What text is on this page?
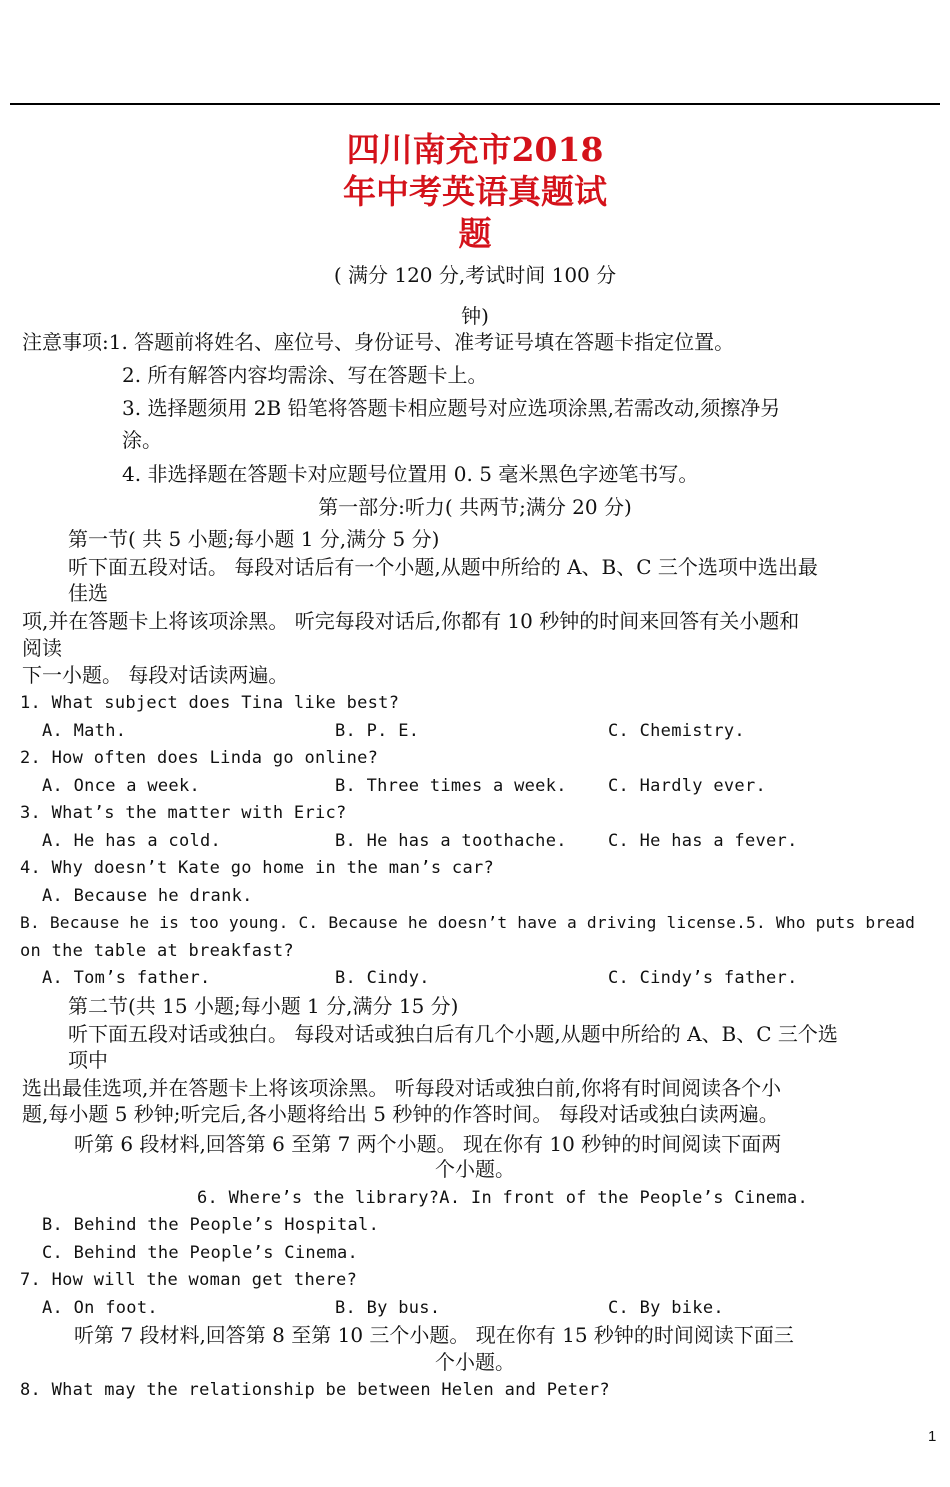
四川南充市2018
年中考英语真题试
题
( 满分 120 分,考试时间 100 分
钟)
注意事项:1. 答题前将姓名、座位号、身份证号、准考证号填在答题卡指定位置。
2. 所有解答内容均需涂、写在答题卡上。
3. 选择题须用 2B 铅笔将答题卡相应题号对应选项涂黑,若需改动,须擦净另
涂。
4. 非选择题在答题卡对应题号位置用 0. 5 毫米黑色字迹笔书写。
第一部分:听力( 共两节;满分 20 分)
第一节( 共 5 小题;每小题 1 分,满分 5 分)
听下面五段对话。 每段对话后有一个小题,从题中所给的 A、B、C 三个选项中选出最
佳选
项,并在答题卡上将该项涂黑。 听完每段对话后,你都有 10 秒钟的时间来回答有关小题和
阅读
下一小题。 每段对话读两遍。
1. What subject does Tina like best?
A. Math.	B. P. E.	C. Chemistry.
2. How often does Linda go online?
A. Once a week.	B. Three times a week. C. Hardly ever.
3. What’s the matter with Eric?
A. He has a cold.	B. He has a toothache. C. He has a fever.
4. Why doesn’t Kate go home in the man’s car?
A. Because he drank.
B. Because he is too young. C. Because he doesn’t have a driving license.5. Who puts bread
on the table at breakfast?
A. Tom’s father.	B. Cindy.	C. Cindy’s father.
第二节(共 15 小题;每小题 1 分,满分 15 分)
听下面五段对话或独白。 每段对话或独白后有几个小题,从题中所给的 A、B、C 三个选
项中
选出最佳选项,并在答题卡上将该项涂黑。 听每段对话或独白前,你将有时间阅读各个小
题,每小题 5 秒钟;听完后,各小题将给出 5 秒钟的作答时间。 每段对话或独白读两遍。
听第 6 段材料,回答第 6 至第 7 两个小题。 现在你有 10 秒钟的时间阅读下面两
个小题。
6. Where’s the library?A. In front of the People’s Cinema.
B. Behind the People’s Hospital.
C. Behind the People’s Cinema.
7. How will the woman get there?
A. On foot.	B. By bus.	C. By bike.
听第 7 段材料,回答第 8 至第 10 三个小题。 现在你有 15 秒钟的时间阅读下面三
个小题。
8. What may the relationship be between Helen and Peter?
1
